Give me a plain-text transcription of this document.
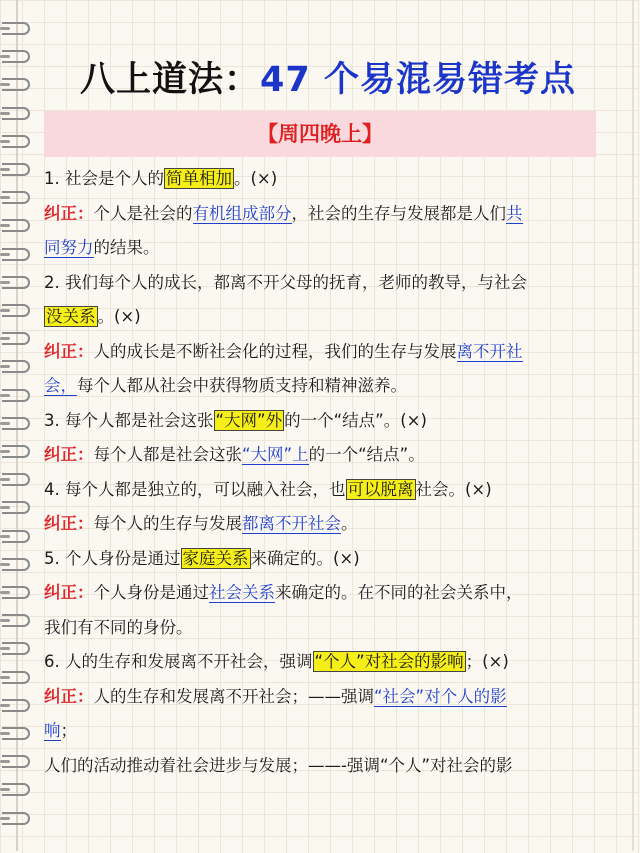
八上道法：47 个易混易错考点
【周四晚上】
1. 社会是个人的 简单相加 。(×)
纠正：个人是社会的有机组成部分，社会的生存与发展都是人们共
同努力的结果。
2. 我们每个人的成长，都离不开父母的抚育，老师的教导，与社会
没关系 。(×)
纠正：人的成长是不断社会化的过程，我们的生存与发展离不开社
会，每个人都从社会中获得物质支持和精神滋养。
3. 每个人都是社会这张 “大网”外 的一个“结点”。(×)
纠正：每个人都是社会这张“大网”上的一个“结点”。
4. 每个人都是独立的，可以融入社会，也 可以脱离 社会。(×)
纠正：每个人的生存与发展都离不开社会。
5. 个人身份是通过 家庭关系 来确定的。(×)
纠正：个人身份是通过社会关系来确定的。在不同的社会关系中，
我们有不同的身份。
6. 人的生存和发展离不开社会，强调 “个人”对社会的影响 ；(×)
纠正：人的生存和发展离不开社会；——强调“社会”对个人的影
响；
人们的活动推动着社会进步与发展；——-强调“个人”对社会的影
